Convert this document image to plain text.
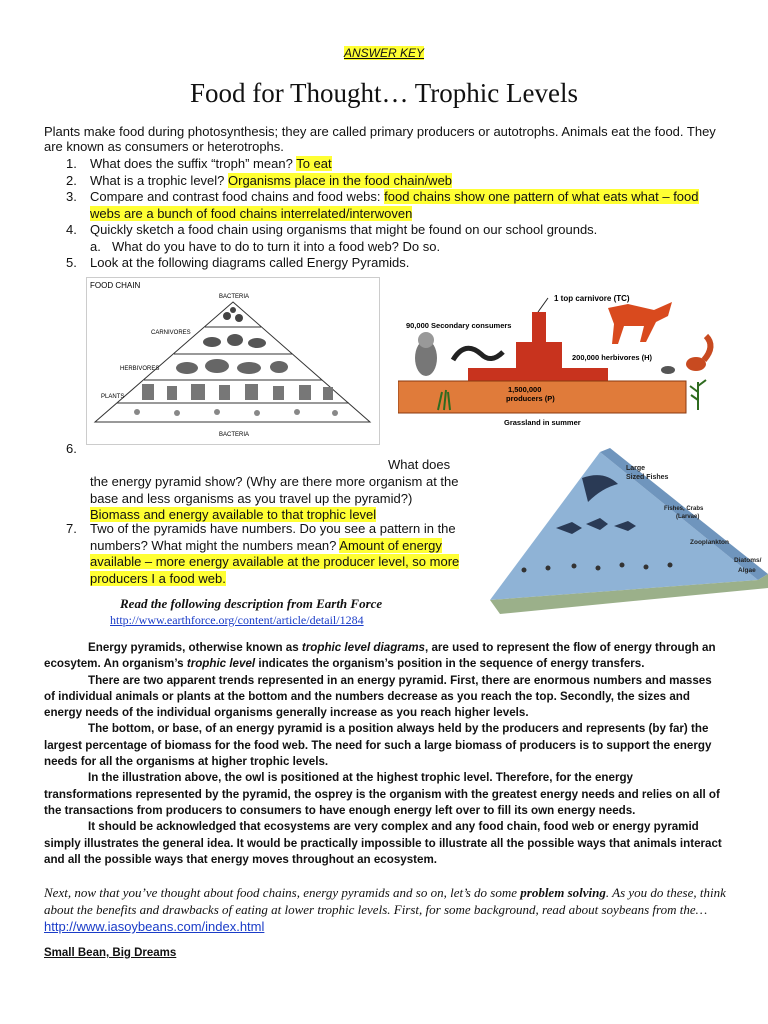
ANSWER KEY
Food for Thought… Trophic Levels
Plants make food during photosynthesis; they are called primary producers or autotrophs. Animals eat the food. They are known as consumers or heterotrophs.
1. What does the suffix “troph” mean? To eat
2. What is a trophic level? Organisms place in the food chain/web
3. Compare and contrast food chains and food webs: food chains show one pattern of what eats what – food webs are a bunch of food chains interrelated/interwoven
4. Quickly sketch a food chain using organisms that might be found on our school grounds.
a. What do you have to do to turn it into a food web? Do so.
5. Look at the following diagrams called Energy Pyramids.
FOOD CHAIN
BACTERIA
CARNIVORES
HERBIVORES
PLANTS
BACTERIA
1 top carnivore (TC)
90,000 Secondary consumers
200,000 herbivores (H)
1,500,000
producers (P)
Grassland in summer
Large
Sized Fishes
Fishes, Crabs
(Larvae)
Zooplankton
Diatoms/
Algae
6.
What does
the energy pyramid show? (Why are there more organism at the base and less organisms as you travel up the pyramid?)
Biomass and energy available to that trophic level
7.	Two of the pyramids have numbers. Do you see a pattern in the numbers? What might the numbers mean? Amount of energy available – more energy available at the producer level, so more producers I a food web.
Read the following description from Earth Force
http://www.earthforce.org/content/article/detail/1284

Energy pyramids, otherwise known as trophic level diagrams, are used to represent the flow of energy through an ecosytem. An organism’s trophic level indicates the organism’s position in the sequence of energy transfers.

There are two apparent trends represented in an energy pyramid. First, there are enormous numbers and masses of individual animals or plants at the bottom and the numbers decrease as you reach the top. Secondly, the sizes and energy needs of the individual organisms generally increase as you reach higher levels.

The bottom, or base, of an energy pyramid is a position always held by the producers and represents (by far) the largest percentage of biomass for the food web. The need for such a large biomass of producers is to support the energy needs for all the organisms at higher trophic levels.

In the illustration above, the owl is positioned at the highest trophic level. Therefore, for the energy transformations represented by the pyramid, the osprey is the organism with the greatest energy needs and relies on all of the transactions from producers to consumers to have enough energy left over to fill its own energy needs.

It should be acknowledged that ecosystems are very complex and any food chain, food web or energy pyramid simply illustrates the general idea. It would be practically impossible to illustrate all the possible ways that animals interact and all the possible ways that energy moves throughout an ecosystem.

Next, now that you’ve thought about food chains, energy pyramids and so on, let’s do some problem solving. As you do these, think about the benefits and drawbacks of eating at lower trophic levels. First, for some background, read about soybeans from the… http://www.iasoybeans.com/index.html
Small Bean, Big Dreams
